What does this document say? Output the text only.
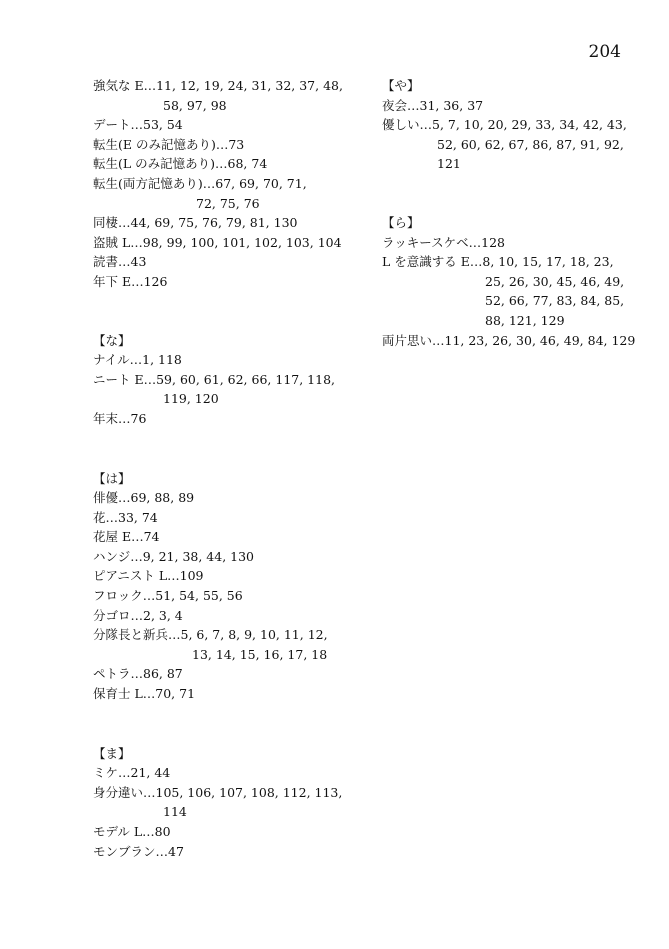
204
強気な E…11, 12, 19, 24, 31, 32, 37, 48,
58, 97, 98
デート…53, 54
転生(E のみ記憶あり)…73
転生(L のみ記憶あり)…68, 74
転生(両方記憶あり)…67, 69, 70, 71,
72, 75, 76
同棲…44, 69, 75, 76, 79, 81, 130
盗賊 L…98, 99, 100, 101, 102, 103, 104
読書…43
年下 E…126
【な】
ナイル…1, 118
ニート E…59, 60, 61, 62, 66, 117, 118,
119, 120
年末…76
【は】
俳優…69, 88, 89
花…33, 74
花屋 E…74
ハンジ…9, 21, 38, 44, 130
ピアニスト L…109
フロック…51, 54, 55, 56
分ゴロ…2, 3, 4
分隊長と新兵…5, 6, 7, 8, 9, 10, 11, 12,
13, 14, 15, 16, 17, 18
ペトラ…86, 87
保育士 L…70, 71
【ま】
ミケ…21, 44
身分違い…105, 106, 107, 108, 112, 113,
114
モデル L…80
モンブラン…47
【や】
夜会…31, 36, 37
優しい…5, 7, 10, 20, 29, 33, 34, 42, 43,
52, 60, 62, 67, 86, 87, 91, 92,
121
【ら】
ラッキースケベ…128
L を意識する E…8, 10, 15, 17, 18, 23,
25, 26, 30, 45, 46, 49,
52, 66, 77, 83, 84, 85,
88, 121, 129
両片思い…11, 23, 26, 30, 46, 49, 84, 129
